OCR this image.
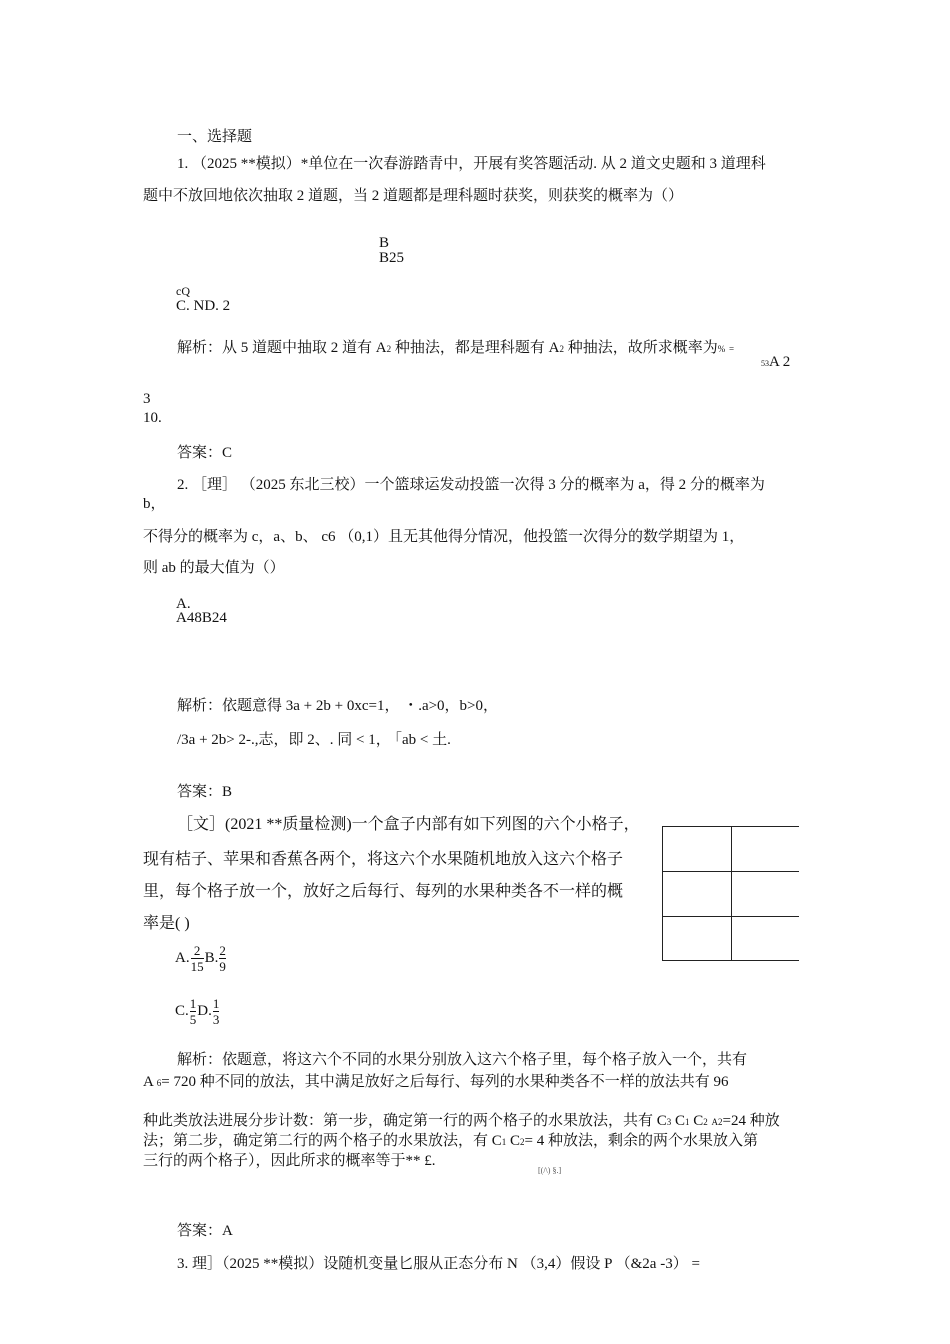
一、选择题
1. （2025 **模拟）*单位在一次春游踏青中，开展有奖答题活动. 从 2 道文史题和 3 道理科
题中不放回地依次抽取 2 道题，当 2 道题都是理科题时获奖，则获奖的概率为（）
B
B25
cQ
C. ND. 2
解析：从 5 道题中抽取 2 道有 A2 种抽法，都是理科题有 A2 种抽法，故所求概率为% =
53A 2
3
10.
答案：C
2. ［理］ （2025 东北三校）一个篮球运发动投篮一次得 3 分的概率为 a，得 2 分的概率为
b，
不得分的概率为 c，a、b、 c6 （0,1）且无其他得分情况，他投篮一次得分的数学期望为 1，
则 ab 的最大值为（）
A.
A48B24
解析：依题意得 3a + 2b + 0xc=1， ・.a>0，b>0，
/3a + 2b> 2-.,志，即 2、. 同 < 1， ｢ab < 土.
答案：B
［文］(2021 **质量检测)一个盒子内部有如下列图的六个小格子，
现有桔子、苹果和香蕉各两个，将这六个水果随机地放入这六个格子
里，每个格子放一个，放好之后每行、每列的水果种类各不一样的概
率是( )
A. $\frac{2}{15} B$. $\frac{2}{9}$
C. $\frac{1}{5} D$. $\frac{1}{3}$
解析：依题意，将这六个不同的水果分别放入这六个格子里，每个格子放入一个，共有
A 6= 720 种不同的放法，其中满足放好之后每行、每列的水果种类各不一样的放法共有 96
种此类放法进展分步计数：第一步，确定第一行的两个格子的水果放法，共有 C3 C1 C2 A2=24 种放
法；第二步，确定第二行的两个格子的水果放法，有 C1 C2= 4 种放法，剩余的两个水果放入第
三行的两个格子），因此所求的概率等于** £.
[(/\) §.]
答案：A
3. 理］（2025 **模拟）设随机变量匕服从正态分布 N （3,4）假设 P （&2a -3） =
